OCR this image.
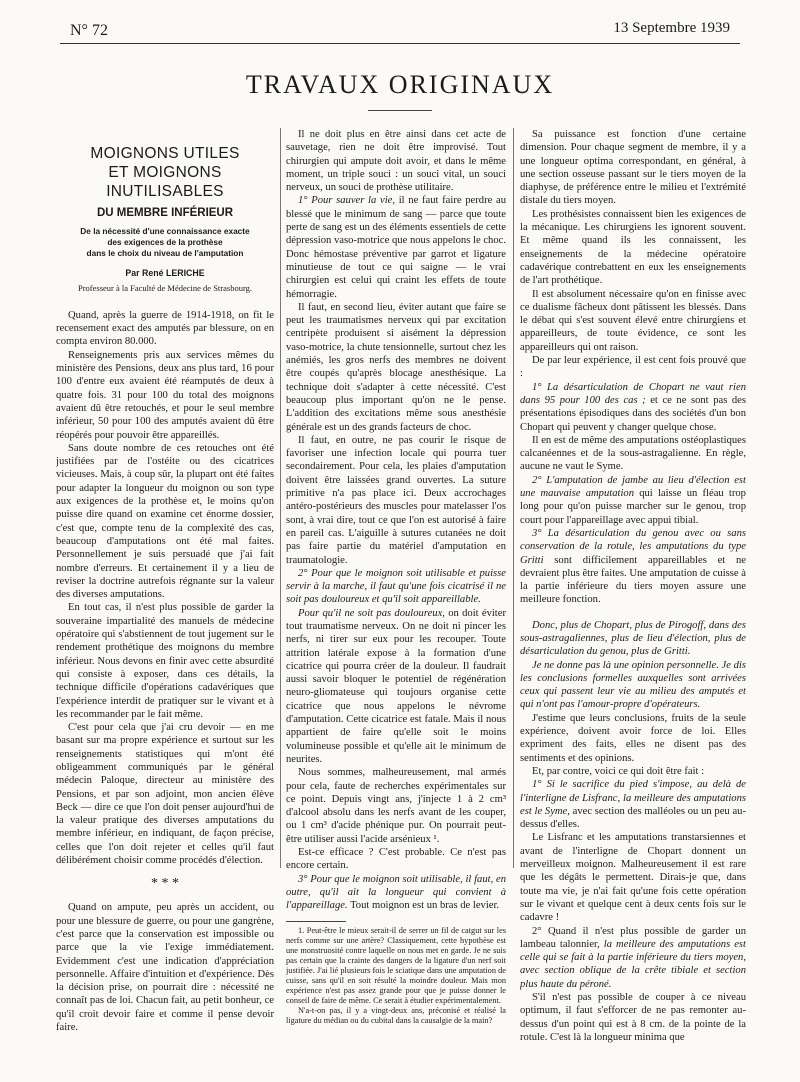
N° 72	13 Septembre 1939
TRAVAUX ORIGINAUX
MOIGNONS UTILES
ET MOIGNONS INUTILISABLES
DU MEMBRE INFÉRIEUR
De la nécessité d'une connaissance exacte
des exigences de la prothèse
dans le choix du niveau de l'amputation
Par René LERICHE
Professeur à la Faculté de Médecine de Strasbourg.

Quand, après la guerre de 1914-1918, on fit le recensement exact des amputés par blessure, on en compta environ 80.000.

Renseignements pris aux services mêmes du ministère des Pensions, deux ans plus tard, 16 pour 100 d'entre eux avaient été réamputés de deux à quatre fois. 31 pour 100 du total des moignons avaient dû être retouchés, et pour le seul membre inférieur, 50 pour 100 des amputés avaient dû être réopérés pour pouvoir être appareillés.

Sans doute nombre de ces retouches ont été justifiées par de l'ostéite ou des cicatrices vicieuses. Mais, à coup sûr, la plupart ont été faites pour adapter la longueur du moignon ou son type aux exigences de la prothèse et, le moins qu'on puisse dire quand on examine cet énorme dossier, c'est que, compte tenu de la complexité des cas, beaucoup d'amputations ont été mal faites. Personnellement je suis persuadé que j'ai fait nombre d'erreurs. Et certainement il y a lieu de reviser la doctrine autrefois régnante sur la valeur des diverses amputations.

En tout cas, il n'est plus possible de garder la souveraine impartialité des manuels de médecine opératoire qui s'abstiennent de tout jugement sur le rendement prothétique des moignons du membre inférieur. Nous devons en finir avec cette absurdité qui consiste à exposer, dans ces détails, la technique difficile d'opérations cadavériques que l'expérience interdit de pratiquer sur le vivant et à les recommander par le fait même.

C'est pour cela que j'ai cru devoir — en me basant sur ma propre expérience et surtout sur les renseignements statistiques qui m'ont été obligeamment communiqués par le général médecin Paloque, directeur au ministère des Pensions, et par son adjoint, mon ancien élève Beck — dire ce que l'on doit penser aujourd'hui de la valeur pratique des diverses amputations du membre inférieur, en indiquant, de façon précise, celles que l'on doit rejeter et celles qu'il faut délibérément choisir comme procédés d'élection.

* * *

Quand on ampute, peu après un accident, ou pour une blessure de guerre, ou pour une gangrène, c'est parce que la conservation est impossible ou parce que la vie l'exige immédiatement. Evidemment c'est une indication d'appréciation personnelle. Affaire d'intuition et d'expérience. Dès la décision prise, on pourrait dire : nécessité ne connaît pas de loi. Chacun fait, au petit bonheur, ce qu'il croit devoir faire et comme il pense devoir faire.

Il ne doit plus en être ainsi dans cet acte de sauvetage, rien ne doit être improvisé. Tout chirurgien qui ampute doit avoir, et dans le même moment, un triple souci : un souci vital, un souci nerveux, un souci de prothèse utilitaire.

1° Pour sauver la vie, il ne faut faire perdre au blessé que le minimum de sang — parce que toute perte de sang est un des éléments essentiels de cette dépression vaso-motrice que nous appelons le choc. Donc hémostase préventive par garrot et ligature minutieuse de tout ce qui saigne — le vrai chirurgien est celui qui craint les effets de toute hémorragie.

Il faut, en second lieu, éviter autant que faire se peut les traumatismes nerveux qui par excitation centripète produisent si aisément la dépression vaso-motrice, la chute tensionnelle, surtout chez les anémiés, les gros nerfs des membres ne doivent être coupés qu'après blocage anesthésique. La technique doit s'adapter à cette nécessité. C'est beaucoup plus important qu'on ne le pense. L'addition des excitations même sous anesthésie générale est un des grands facteurs de choc.

Il faut, en outre, ne pas courir le risque de favoriser une infection locale qui pourra tuer secondairement. Pour cela, les plaies d'amputation doivent être laissées grand ouvertes. La suture primitive n'a pas place ici. Deux accrochages antéro-postérieurs des muscles pour matelasser l'os sont, à vrai dire, tout ce que l'on est autorisé à faire en pareil cas. L'aiguille à sutures cutanées ne doit pas faire partie du matériel d'amputation en traumatologie.

2° Pour que le moignon soit utilisable et puisse servir à la marche, il faut qu'une fois cicatrisé il ne soit pas douloureux et qu'il soit appareillable.

Pour qu'il ne soit pas douloureux, on doit éviter tout traumatisme nerveux. On ne doit ni pincer les nerfs, ni tirer sur eux pour les recouper. Toute attrition latérale expose à la formation d'une cicatrice qui pourra créer de la douleur. Il faudrait aussi savoir bloquer le potentiel de régénération neuro-gliomateuse qui toujours organise cette cicatrice que nous appelons le névrome d'amputation. Cette cicatrice est fatale. Mais il nous appartient de faire qu'elle soit le moins volumineuse possible et qu'elle ait le minimum de neurites.

Nous sommes, malheureusement, mal armés pour cela, faute de recherches expérimentales sur ce point. Depuis vingt ans, j'injecte 1 à 2 cm³ d'alcool absolu dans les nerfs avant de les couper, ou 1 cm³ d'acide phénique pur. On pourrait peut-être utiliser aussi l'acide arsénieux ¹.

Est-ce efficace ? C'est probable. Ce n'est pas encore certain.

3° Pour que le moignon soit utilisable, il faut, en outre, qu'il ait la longueur qui convient à l'appareillage. Tout moignon est un bras de levier.

1. Peut-être le mieux serait-il de serrer un fil de catgut sur les nerfs comme sur une artère? Classiquement, cette hypothèse est une monstruosité contre laquelle on nous met en garde. Je ne suis pas certain que la crainte des dangers de la ligature d'un nerf soit justifiée. J'ai lié plusieurs fois le sciatique dans une amputation de cuisse, sans qu'il en soit résulté la moindre douleur. Mais mon expérience n'est pas assez grande pour que je puisse donner le conseil de faire de même. Ce serait à étudier expérimentalement.

N'a-t-on pas, il y a vingt-deux ans, préconisé et réalisé la ligature du médian ou du cubital dans la causalgie de la main?

Sa puissance est fonction d'une certaine dimension. Pour chaque segment de membre, il y a une longueur optima correspondant, en général, à une section osseuse passant sur le tiers moyen de la diaphyse, de préférence entre le milieu et l'extrémité distale du tiers moyen.

Les prothésistes connaissent bien les exigences de la mécanique. Les chirurgiens les ignorent souvent. Et même quand ils les connaissent, les enseignements de la médecine opératoire cadavérique contrebattent en eux les enseignements de l'art prothétique.

Il est absolument nécessaire qu'on en finisse avec ce dualisme fâcheux dont pâtissent les blessés. Dans le débat qui s'est souvent élevé entre chirurgiens et appareilleurs, de toute évidence, ce sont les appareilleurs qui ont raison.

De par leur expérience, il est cent fois prouvé que :

1° La désarticulation de Chopart ne vaut rien dans 95 pour 100 des cas ; et ce ne sont pas des présentations épisodiques dans des sociétés d'un bon Chopart qui peuvent y changer quelque chose.

Il en est de même des amputations ostéoplastiques calcanéennes et de la sous-astragalienne. En règle, aucune ne vaut le Syme.

2° L'amputation de jambe au lieu d'élection est une mauvaise amputation qui laisse un fléau trop long pour qu'on puisse marcher sur le genou, trop court pour l'appareillage avec appui tibial.

3° La désarticulation du genou avec ou sans conservation de la rotule, les amputations du type Gritti sont difficilement appareillables et ne devraient plus être faites. Une amputation de cuisse à la partie inférieure du tiers moyen assure une meilleure fonction.

Donc, plus de Chopart, plus de Pirogoff, dans des sous-astragaliennes, plus de lieu d'élection, plus de désarticulation du genou, plus de Gritti.

Je ne donne pas là une opinion personnelle. Je dis les conclusions formelles auxquelles sont arrivées ceux qui passent leur vie au milieu des amputés et qui n'ont pas l'amour-propre d'opérateurs.

J'estime que leurs conclusions, fruits de la seule expérience, doivent avoir force de loi. Elles expriment des faits, elles ne disent pas des sentiments et des opinions.

Et, par contre, voici ce qui doit être fait :

1° Si le sacrifice du pied s'impose, au delà de l'interligne de Lisfranc, la meilleure des amputations est le Syme, avec section des malléoles ou un peu au-dessus d'elles.

Le Lisfranc et les amputations transtarsiennes et avant de l'interligne de Chopart donnent un merveilleux moignon. Malheureusement il est rare que les dégâts le permettent. Dirais-je que, dans toute ma vie, je n'ai fait qu'une fois cette opération sur le vivant et quelque cent à deux cents fois sur le cadavre !

2° Quand il n'est plus possible de garder un lambeau talonnier, la meilleure des amputations est celle qui se fait à la partie inférieure du tiers moyen, avec section oblique de la crête tibiale et section plus haute du péroné.

S'il n'est pas possible de couper à ce niveau optimum, il faut s'efforcer de ne pas remonter au-dessus d'un point qui est à 8 cm. de la pointe de la rotule. C'est là la longueur minima que
